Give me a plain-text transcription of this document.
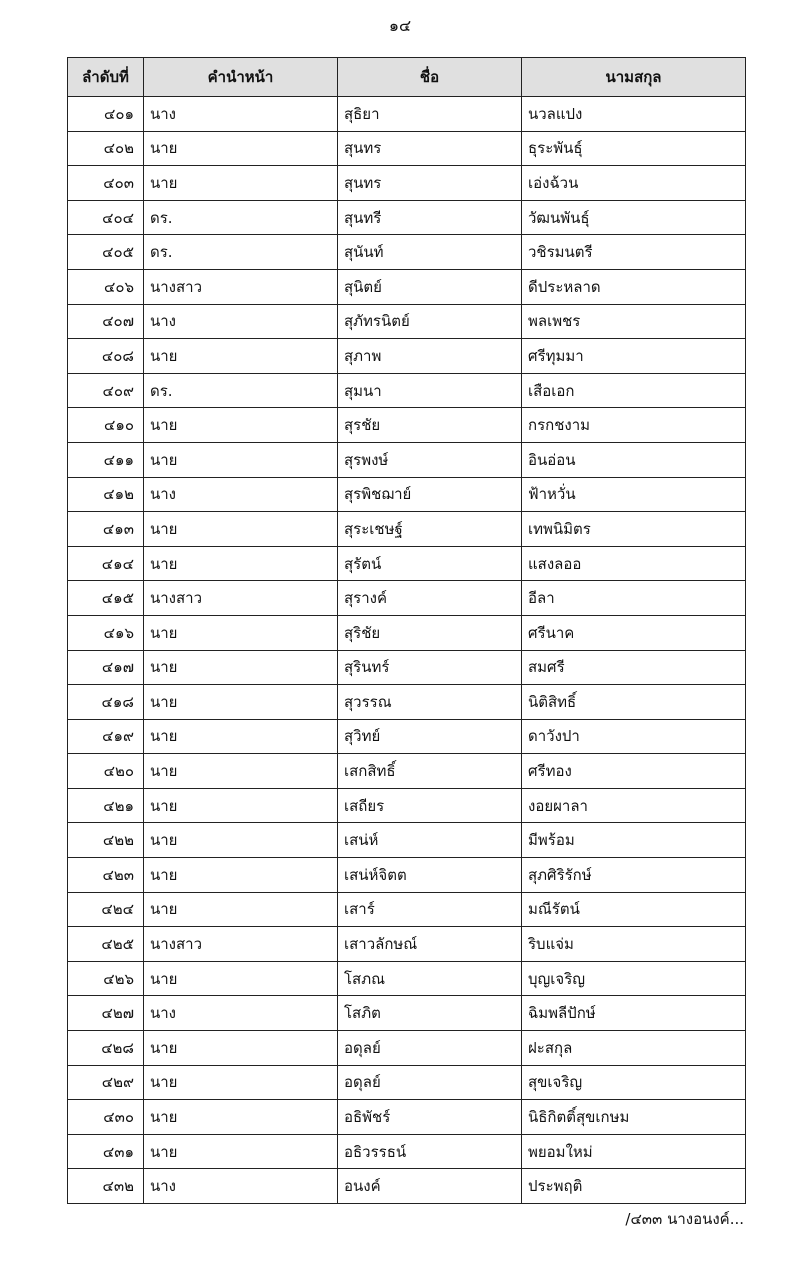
๑๔
ลำดับที่	คำนำหน้า	ชื่อ	นามสกุล
๔๐๑	นาง	สุธิยา	นวลแปง
๔๐๒	นาย	สุนทร	ธุระพันธุ์
๔๐๓	นาย	สุนทร	เอ่งฉ้วน
๔๐๔	ดร.	สุนทรี	วัฒนพันธุ์
๔๐๕	ดร.	สุนันท์	วชิรมนตรี
๔๐๖	นางสาว	สุนิตย์	ดีประหลาด
๔๐๗	นาง	สุภัทรนิตย์	พลเพชร
๔๐๘	นาย	สุภาพ	ศรีทุมมา
๔๐๙	ดร.	สุมนา	เสือเอก
๔๑๐	นาย	สุรชัย	กรกชงาม
๔๑๑	นาย	สุรพงษ์	อินอ่อน
๔๑๒	นาง	สุรพิชฌาย์	ฟ้าหวั่น
๔๑๓	นาย	สุระเชษฐ์	เทพนิมิตร
๔๑๔	นาย	สุรัตน์	แสงลออ
๔๑๕	นางสาว	สุรางค์	อีลา
๔๑๖	นาย	สุริชัย	ศรีนาค
๔๑๗	นาย	สุรินทร์	สมศรี
๔๑๘	นาย	สุวรรณ	นิติสิทธิ์
๔๑๙	นาย	สุวิทย์	ดาวังปา
๔๒๐	นาย	เสกสิทธิ์	ศรีทอง
๔๒๑	นาย	เสถียร	งอยผาลา
๔๒๒	นาย	เสน่ห์	มีพร้อม
๔๒๓	นาย	เสน่ห์จิตต	สุภศิริรักษ์
๔๒๔	นาย	เสาร์	มณีรัตน์
๔๒๕	นางสาว	เสาวลักษณ์	ริบแจ่ม
๔๒๖	นาย	โสภณ	บุญเจริญ
๔๒๗	นาง	โสภิต	ฉิมพลีปักษ์
๔๒๘	นาย	อดุลย์	ฝะสกุล
๔๒๙	นาย	อดุลย์	สุขเจริญ
๔๓๐	นาย	อธิพัชร์	นิธิกิตติ์สุขเกษม
๔๓๑	นาย	อธิวรรธน์	พยอมใหม่
๔๓๒	นาง	อนงค์	ประพฤติ
/๔๓๓ นางอนงค์...
